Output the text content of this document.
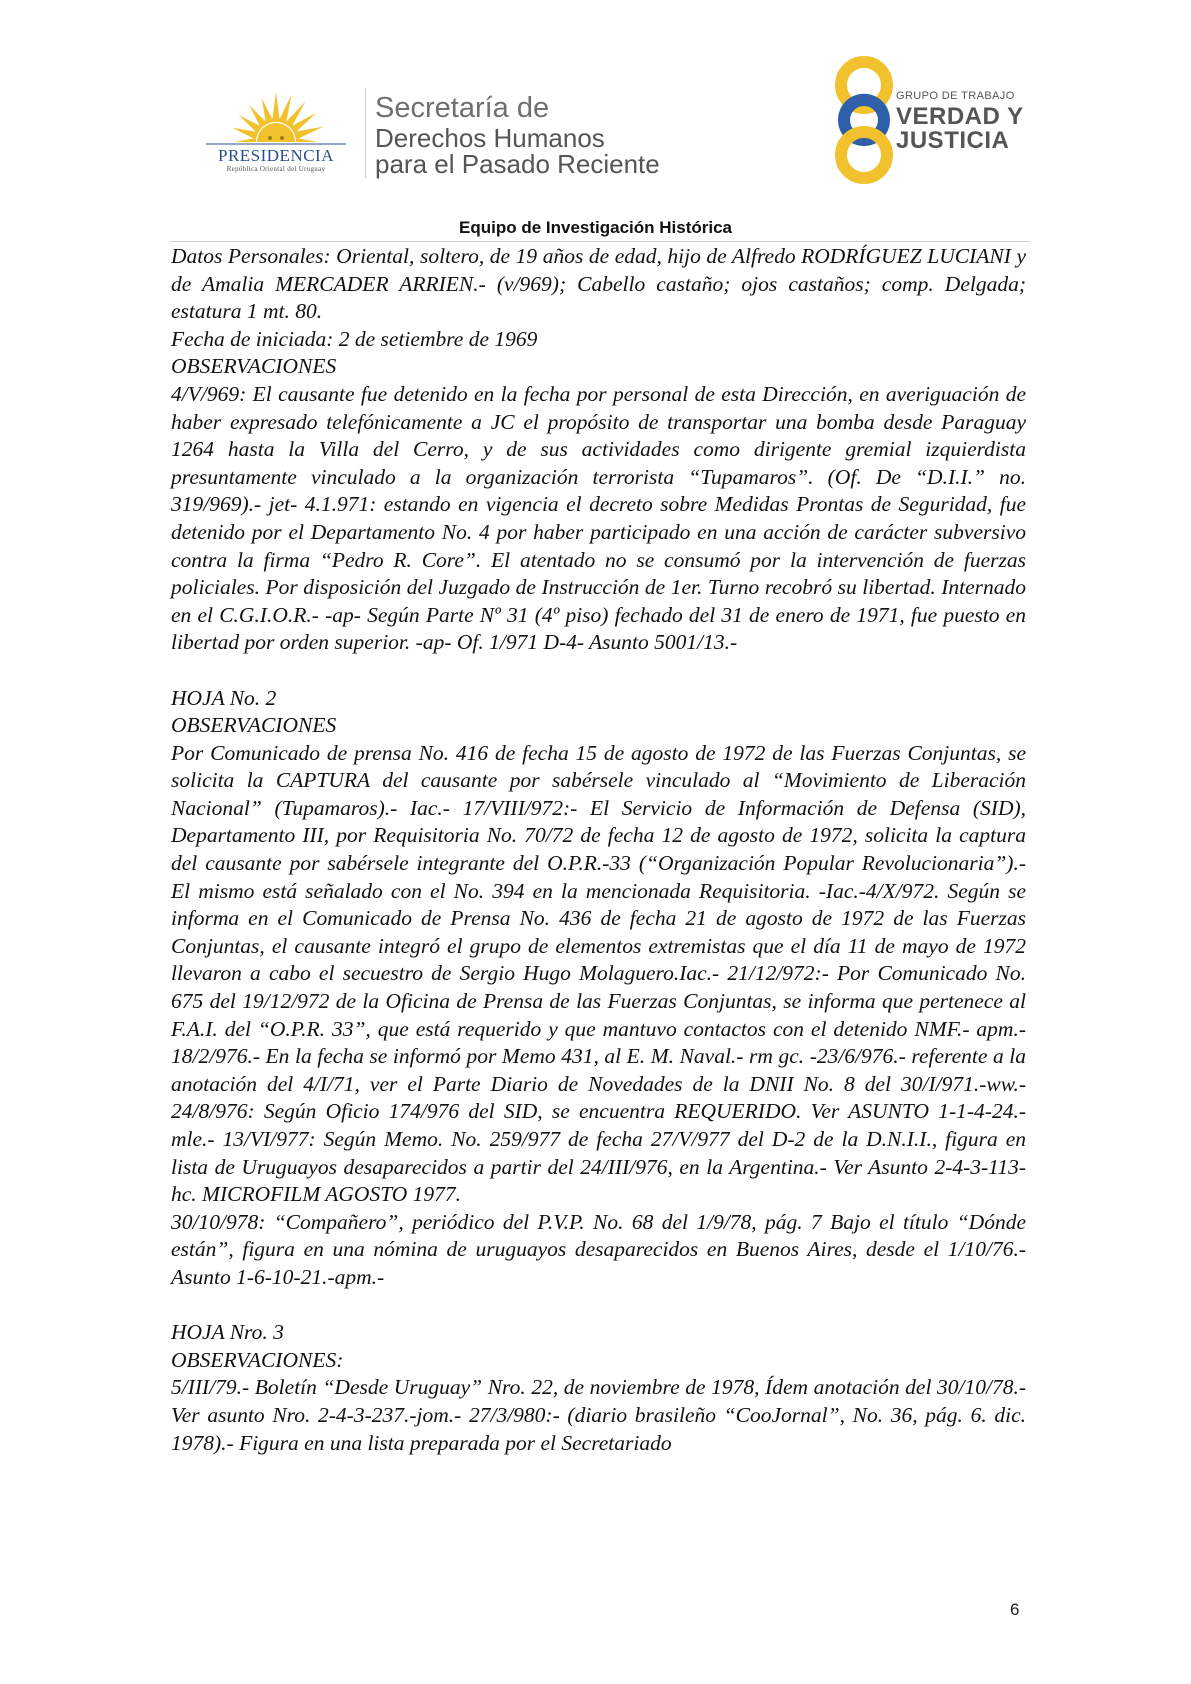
PRESIDENCIA
República Oriental del Uruguay
Secretaría de
Derechos Humanos
para el Pasado Reciente
GRUPO DE TRABAJO
VERDAD Y
JUSTICIA
Equipo de Investigación Histórica

Datos Personales: Oriental, soltero, de 19 años de edad, hijo de Alfredo RODRÍGUEZ LUCIANI y de Amalia MERCADER ARRIEN.- (v/969); Cabello castaño; ojos castaños; comp. Delgada; estatura 1 mt. 80.

Fecha de iniciada: 2 de setiembre de 1969

OBSERVACIONES

4/V/969: El causante fue detenido en la fecha por personal de esta Dirección, en averiguación de haber expresado telefónicamente a JC el propósito de transportar una bomba desde Paraguay 1264 hasta la Villa del Cerro, y de sus actividades como dirigente gremial izquierdista presuntamente vinculado a la organización terrorista “Tupamaros”. (Of. De “D.I.I.” no. 319/969).- jet- 4.1.971: estando en vigencia el decreto sobre Medidas Prontas de Seguridad, fue detenido por el Departamento No. 4 por haber participado en una acción de carácter subversivo contra la firma “Pedro R. Core”. El atentado no se consumó por la intervención de fuerzas policiales. Por disposición del Juzgado de Instrucción de 1er. Turno recobró su libertad. Internado en el C.G.I.O.R.- -ap- Según Parte Nº 31 (4º piso) fechado del 31 de enero de 1971, fue puesto en libertad por orden superior. -ap- Of. 1/971 D-4- Asunto 5001/13.-

HOJA No. 2

OBSERVACIONES

Por Comunicado de prensa No. 416 de fecha 15 de agosto de 1972 de las Fuerzas Conjuntas, se solicita la CAPTURA del causante por sabérsele vinculado al “Movimiento de Liberación Nacional” (Tupamaros).- Iac.- 17/VIII/972:- El Servicio de Información de Defensa (SID), Departamento III, por Requisitoria No. 70/72 de fecha 12 de agosto de 1972, solicita la captura del causante por sabérsele integrante del O.P.R.-33 (“Organización Popular Revolucionaria”).- El mismo está señalado con el No. 394 en la mencionada Requisitoria. -Iac.-4/X/972. Según se informa en el Comunicado de Prensa No. 436 de fecha 21 de agosto de 1972 de las Fuerzas Conjuntas, el causante integró el grupo de elementos extremistas que el día 11 de mayo de 1972 llevaron a cabo el secuestro de Sergio Hugo Molaguero.Iac.- 21/12/972:- Por Comunicado No. 675 del 19/12/972 de la Oficina de Prensa de las Fuerzas Conjuntas, se informa que pertenece al F.A.I. del “O.P.R. 33”, que está requerido y que mantuvo contactos con el detenido NMF.- apm.- 18/2/976.- En la fecha se informó por Memo 431, al E. M. Naval.- rm gc. -23/6/976.- referente a la anotación del 4/I/71, ver el Parte Diario de Novedades de la DNII No. 8 del 30/I/971.-ww.- 24/8/976: Según Oficio 174/976 del SID, se encuentra REQUERIDO. Ver ASUNTO 1-1-4-24.- mle.- 13/VI/977: Según Memo. No. 259/977 de fecha 27/V/977 del D-2 de la D.N.I.I., figura en lista de Uruguayos desaparecidos a partir del 24/III/976, en la Argentina.- Ver Asunto 2-4-3-113-hc. MICROFILM AGOSTO 1977.

30/10/978: “Compañero”, periódico del P.V.P. No. 68 del 1/9/78, pág. 7 Bajo el título “Dónde están”, figura en una nómina de uruguayos desaparecidos en Buenos Aires, desde el 1/10/76.- Asunto 1-6-10-21.-apm.-

HOJA Nro. 3

OBSERVACIONES:

5/III/79.- Boletín “Desde Uruguay” Nro. 22, de noviembre de 1978, Ídem anotación del 30/10/78.- Ver asunto Nro. 2-4-3-237.-jom.- 27/3/980:- (diario brasileño “CooJornal”, No. 36, pág. 6. dic. 1978).- Figura en una lista preparada por el Secretariado

6
